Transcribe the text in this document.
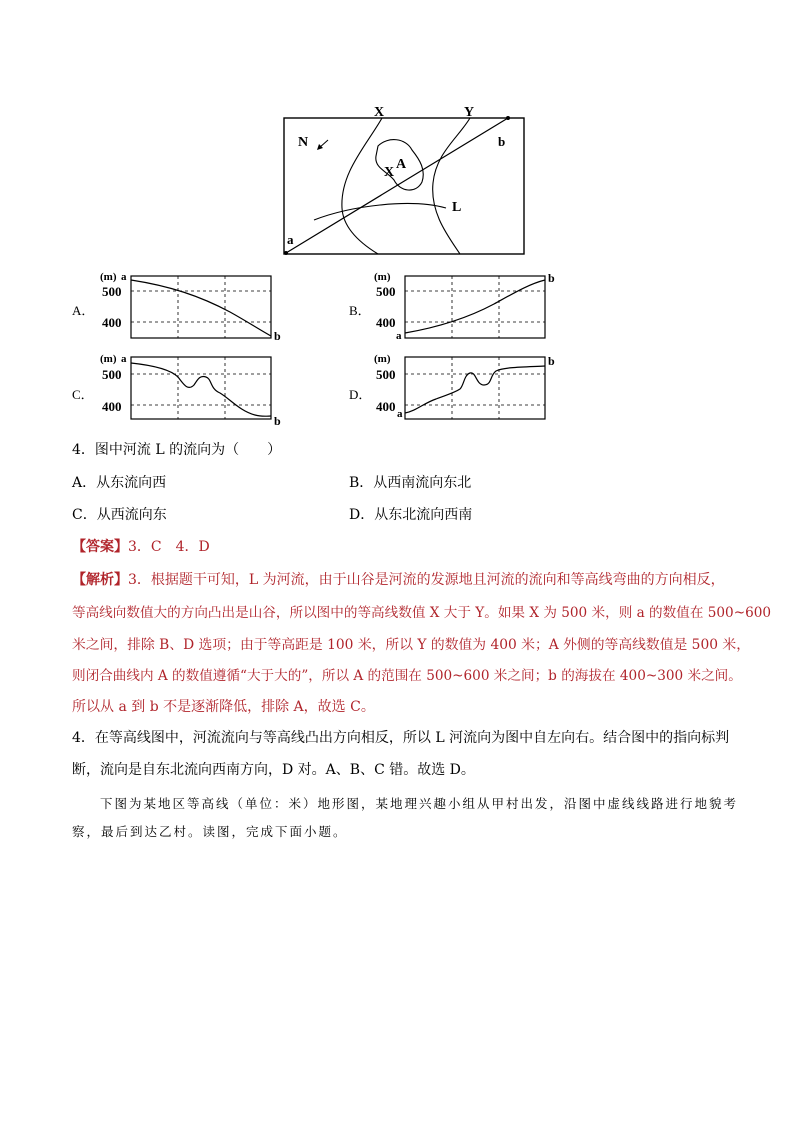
X	Y
N
A
X
L
a
b
A．
(m) a
500
400
b
B．
(m)
500
400
a
b
C．
(m) a
500
400
b
D．
(m)
500
400 a
b
4．图中河流 L 的流向为（　　）
A．从东流向西	B．从西南流向东北
C．从西流向东	D．从东北流向西南
【答案】3．C　4．D
【解析】3．根据题干可知，L 为河流，由于山谷是河流的发源地且河流的流向和等高线弯曲的方向相反，
等高线向数值大的方向凸出是山谷，所以图中的等高线数值 X 大于 Y。如果 X 为 500 米，则 a 的数值在 500~600
米之间，排除 B、D 选项；由于等高距是 100 米，所以 Y 的数值为 400 米；A 外侧的等高线数值是 500 米，
则闭合曲线内 A 的数值遵循“大于大的”，所以 A 的范围在 500~600 米之间；b 的海拔在 400~300 米之间。
所以从 a 到 b 不是逐渐降低，排除 A，故选 C。
4．在等高线图中，河流流向与等高线凸出方向相反，所以 L 河流向为图中自左向右。结合图中的指向标判
断，流向是自东北流向西南方向，D 对。A、B、C 错。故选 D。
下图为某地区等高线（单位：米）地形图，某地理兴趣小组从甲村出发，沿图中虚线线路进行地貌考
察，最后到达乙村。读图，完成下面小题。
